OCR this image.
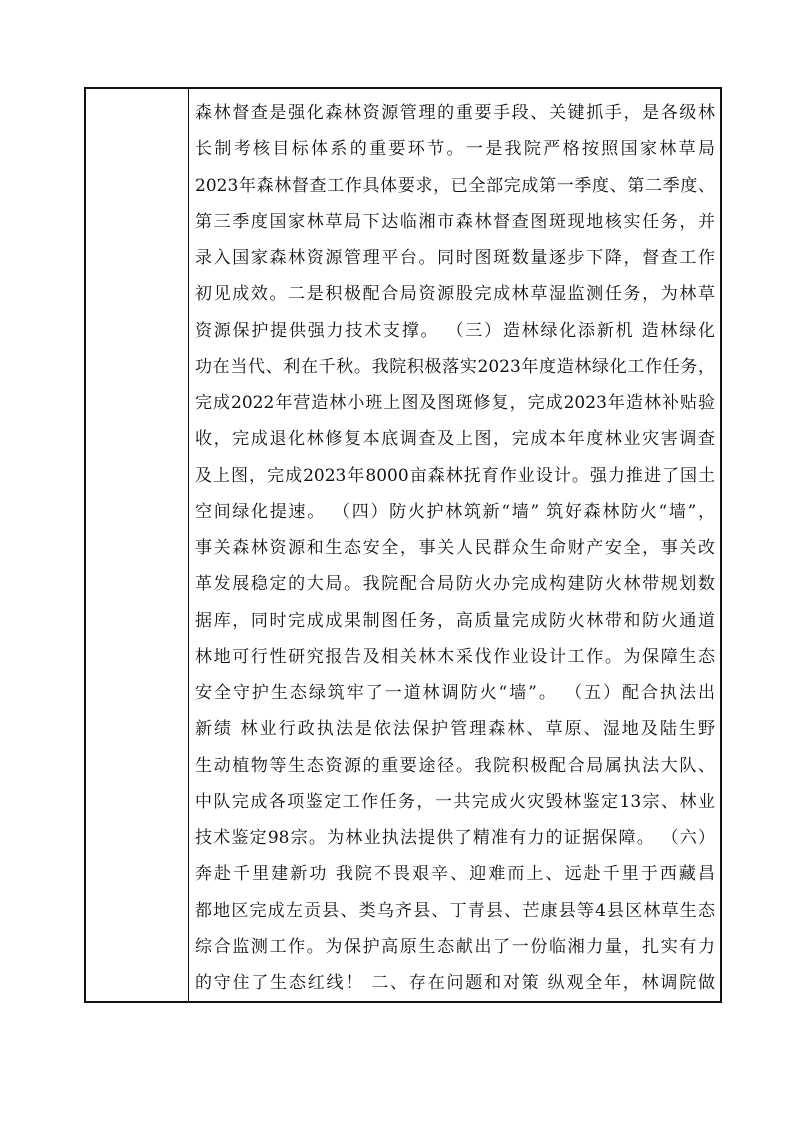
森林督查是强化森林资源管理的重要手段、关键抓手，是各级林
长制考核目标体系的重要环节。一是我院严格按照国家林草局
2023年森林督查工作具体要求，已全部完成第一季度、第二季度、
第三季度国家林草局下达临湘市森林督查图斑现地核实任务，并
录入国家森林资源管理平台。同时图斑数量逐步下降，督查工作
初见成效。二是积极配合局资源股完成林草湿监测任务，为林草
资源保护提供强力技术支撑。 （三）造林绿化添新机 造林绿化
功在当代、利在千秋。我院积极落实2023年度造林绿化工作任务，
完成2022年营造林小班上图及图斑修复，完成2023年造林补贴验
收，完成退化林修复本底调查及上图，完成本年度林业灾害调查
及上图，完成2023年8000亩森林抚育作业设计。强力推进了国土
空间绿化提速。 （四）防火护林筑新“墙” 筑好森林防火“墙”，
事关森林资源和生态安全，事关人民群众生命财产安全，事关改
革发展稳定的大局。我院配合局防火办完成构建防火林带规划数
据库，同时完成成果制图任务，高质量完成防火林带和防火通道
林地可行性研究报告及相关林木采伐作业设计工作。为保障生态
安全守护生态绿筑牢了一道林调防火“墙”。 （五）配合执法出
新绩 林业行政执法是依法保护管理森林、草原、湿地及陆生野
生动植物等生态资源的重要途径。我院积极配合局属执法大队、
中队完成各项鉴定工作任务，一共完成火灾毁林鉴定13宗、林业
技术鉴定98宗。为林业执法提供了精准有力的证据保障。 （六）
奔赴千里建新功 我院不畏艰辛、迎难而上、远赴千里于西藏昌
都地区完成左贡县、类乌齐县、丁青县、芒康县等4县区林草生态
综合监测工作。为保护高原生态献出了一份临湘力量，扎实有力
的守住了生态红线！ 二、存在问题和对策 纵观全年，林调院做
